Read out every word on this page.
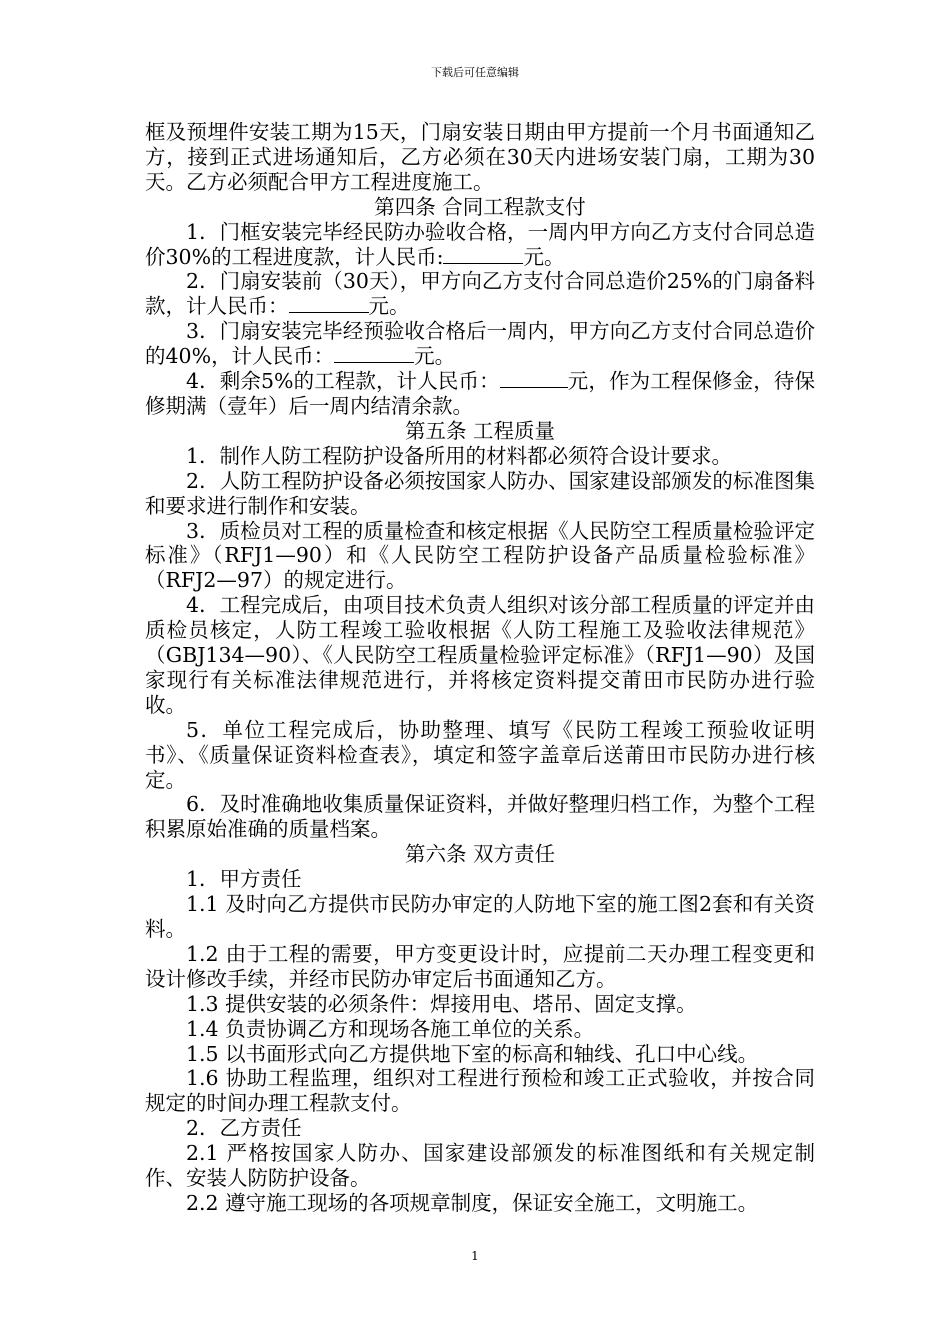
下载后可任意编辑

框及预埋件安装工期为15天，门扇安装日期由甲方提前一个月书面通知乙方，接到正式进场通知后，乙方必须在30天内进场安装门扇，工期为30天。乙方必须配合甲方工程进度施工。

第四条 合同工程款支付

1．门框安装完毕经民防办验收合格，一周内甲方向乙方支付合同总造价30%的工程进度款，计人民币:	元。

2．门扇安装前（30天），甲方向乙方支付合同总造价25%的门扇备料款，计人民币：	元。

3．门扇安装完毕经预验收合格后一周内，甲方向乙方支付合同总造价的40%，计人民币：	元。

4．剩余5%的工程款，计人民币：	元，作为工程保修金，待保修期满（壹年）后一周内结清余款。

第五条 工程质量

1．制作人防工程防护设备所用的材料都必须符合设计要求。

2．人防工程防护设备必须按国家人防办、国家建设部颁发的标准图集和要求进行制作和安装。

3．质检员对工程的质量检查和核定根据《人民防空工程质量检验评定标准》（RFJ1—90）和《人民防空工程防护设备产品质量检验标准》（RFJ2—97）的规定进行。

4．工程完成后，由项目技术负责人组织对该分部工程质量的评定并由质检员核定，人防工程竣工验收根据《人防工程施工及验收法律规范》（GBJ134—90）、《人民防空工程质量检验评定标准》（RFJ1—90）及国家现行有关标准法律规范进行，并将核定资料提交莆田市民防办进行验收。

5．单位工程完成后，协助整理、填写《民防工程竣工预验收证明书》、《质量保证资料检查表》，填定和签字盖章后送莆田市民防办进行核定。

6．及时准确地收集质量保证资料，并做好整理归档工作，为整个工程积累原始准确的质量档案。

第六条 双方责任

1．甲方责任

1.1 及时向乙方提供市民防办审定的人防地下室的施工图2套和有关资料。

1.2 由于工程的需要，甲方变更设计时，应提前二天办理工程变更和设计修改手续，并经市民防办审定后书面通知乙方。

1.3 提供安装的必须条件：焊接用电、塔吊、固定支撑。

1.4 负责协调乙方和现场各施工单位的关系。

1.5 以书面形式向乙方提供地下室的标高和轴线、孔口中心线。

1.6 协助工程监理，组织对工程进行预检和竣工正式验收，并按合同规定的时间办理工程款支付。

2．乙方责任

2.1 严格按国家人防办、国家建设部颁发的标准图纸和有关规定制作、安装人防防护设备。

2.2 遵守施工现场的各项规章制度，保证安全施工，文明施工。

1
